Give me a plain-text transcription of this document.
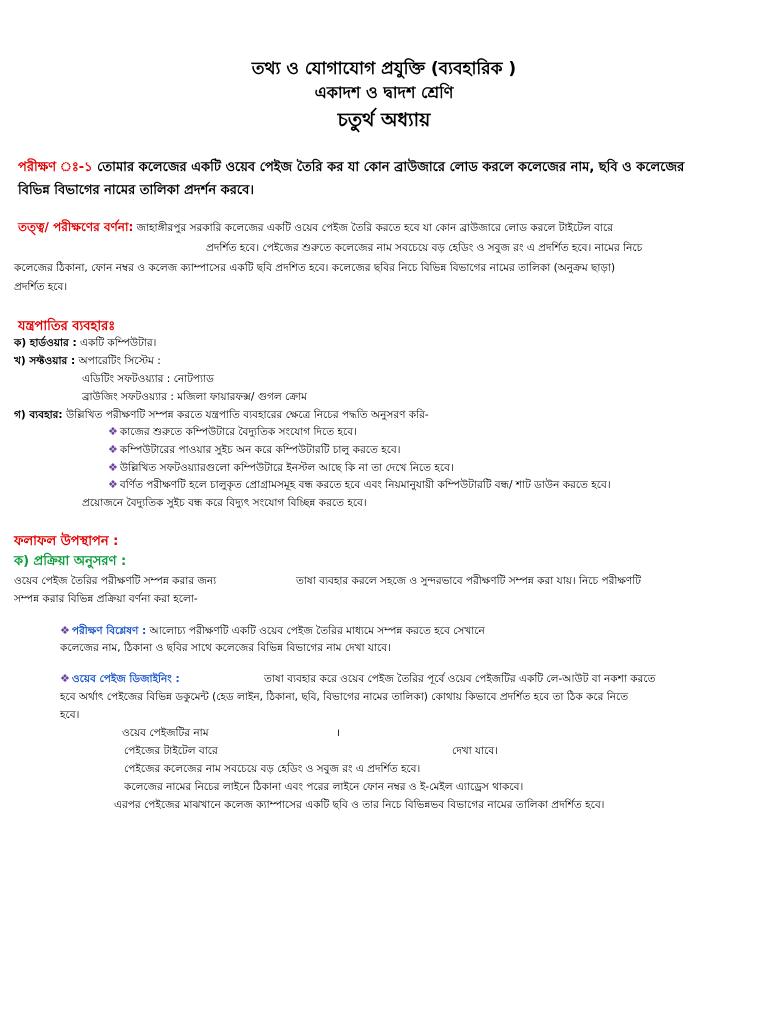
তথ্য ও যোগাযোগ প্রযুক্তি (ব্যবহারিক )
একাদশ ও দ্বাদশ শ্রেণি
চতুর্থ অধ্যায়
পরীক্ষণ ঃ-১ তোমার কলেজের একটি ওয়েব পেইজ তৈরি কর যা কোন ব্রাউজারে লোড করলে কলেজের নাম, ছবি ও কলেজের
বিভিন্ন বিভাগের নামের তালিকা প্রদর্শন করবে।
তত্ত্ব/ পরীক্ষণের বর্ণনা: জাহাঙ্গীরপুর সরকারি কলেজের একটি ওয়েব পেইজ তৈরি করতে হবে যা কোন ব্রাউজারে লোড করলে টাইটেল বারে
প্রদর্শিত হবে। পেইজের শুরুতে কলেজের নাম সবচেয়ে বড় হেডিং ও সবুজ রং এ প্রদর্শিত হবে। নামের নিচে
কলেজের ঠিকানা, ফোন নম্বর ও কলেজ ক্যাম্পাসের একটি ছবি প্রদশিত হবে। কলেজের ছবির নিচে বিভিন্ন বিভাগের নামের তালিকা (অনুক্রম ছাড়া)
প্রদর্শিত হবে।
যন্ত্রপাতির ব্যবহারঃ
ক) হার্ডওয়ার : একটি কম্পিউটার।
খ) সফ্টওয়ার : অপারেটিং সিস্টেম :
এডিটিং সফটওয়্যার : নোটপ্যাড
ব্রাউজিং সফটওয়্যার : মজিলা ফায়ারফক্স/ গুগল ক্রোম
গ) ব্যবহার: উল্লিখিত পরীক্ষণটি সম্পন্ন করতে যন্ত্রপাতি ব্যবহারের ক্ষেত্রে নিচের পদ্ধতি অনুসরণ করি-
❖ কাজের শুরুতে কম্পিউটারে বৈদ্যুতিক সংযোগ দিতে হবে।
❖ কম্পিউটারের পাওয়ার সুইচ অন করে কম্পিউটারটি চালু করতে হবে।
❖ উল্লিখিত সফটওয়্যারগুলো কম্পিউটারে ইনস্টল আছে কি না তা দেখে নিতে হবে।
❖ বর্ণিত পরীক্ষণটি হলে চালুকৃত প্রোগ্রামসমূহ বন্ধ করতে হবে এবং নিয়মানুযায়ী কম্পিউটারটি বন্ধ/ শাট ডাউন করতে হবে।
প্রয়োজনে বৈদ্যুতিক সুইচ বন্ধ করে বিদ্যুৎ সংযোগ বিচ্ছিন্ন করতে হবে।
ফলাফল উপস্থাপন :
ক) প্রক্রিয়া অনুসরণ :
ওয়েব পেইজ তৈরির পরীক্ষণটি সম্পন্ন করার জন্য	তাষা ব্যবহার করলে সহজে ও সুন্দরভাবে পরীক্ষণটি সম্পন্ন করা যায়। নিচে পরীক্ষণটি
সম্পন্ন করার বিভিন্ন প্রক্রিয়া বর্ণনা করা হলো-
❖ পরীক্ষণ বিশ্লেষণ : আলোচ্য পরীক্ষণটি একটি ওয়েব পেইজ তৈরির মাধ্যমে সম্পন্ন করতে হবে সেখানে
কলেজের নাম, ঠিকানা ও ছবির সাথে কলেজের বিভিন্ন বিভাগের নাম দেখা যাবে।
❖ ওয়েব পেইজ ডিজাইনিং :	তাষা ব্যবহার করে ওয়েব পেইজ তৈরির পূর্বে ওয়েব পেইজটির একটি লে-আউট বা নকশা করতে
হবে অর্থাৎ পেইজের বিভিন্ন ডকুমেন্ট (হেড লাইন, ঠিকানা, ছবি, বিভাগের নামের তালিকা) কোথায় কিভাবে প্রদর্শিত হবে তা ঠিক করে নিতে
হবে।
ওয়েব পেইজটির নাম	।
পেইজের টাইটেল বারে	দেখা যাবে।
পেইজের কলেজের নাম সবচেয়ে বড় হেডিং ও সবুজ রং এ প্রদর্শিত হবে।
কলেজের নামের নিচের লাইনে ঠিকানা এবং পরের লাইনে ফোন নম্বর ও ই-মেইল এ্যাড্রেস থাকবে।
এরপর পেইজের মাঝখানে কলেজ ক্যাম্পাসের একটি ছবি ও তার নিচে বিভিন্নভব বিভাগের নামের তালিকা প্রদর্শিত হবে।
